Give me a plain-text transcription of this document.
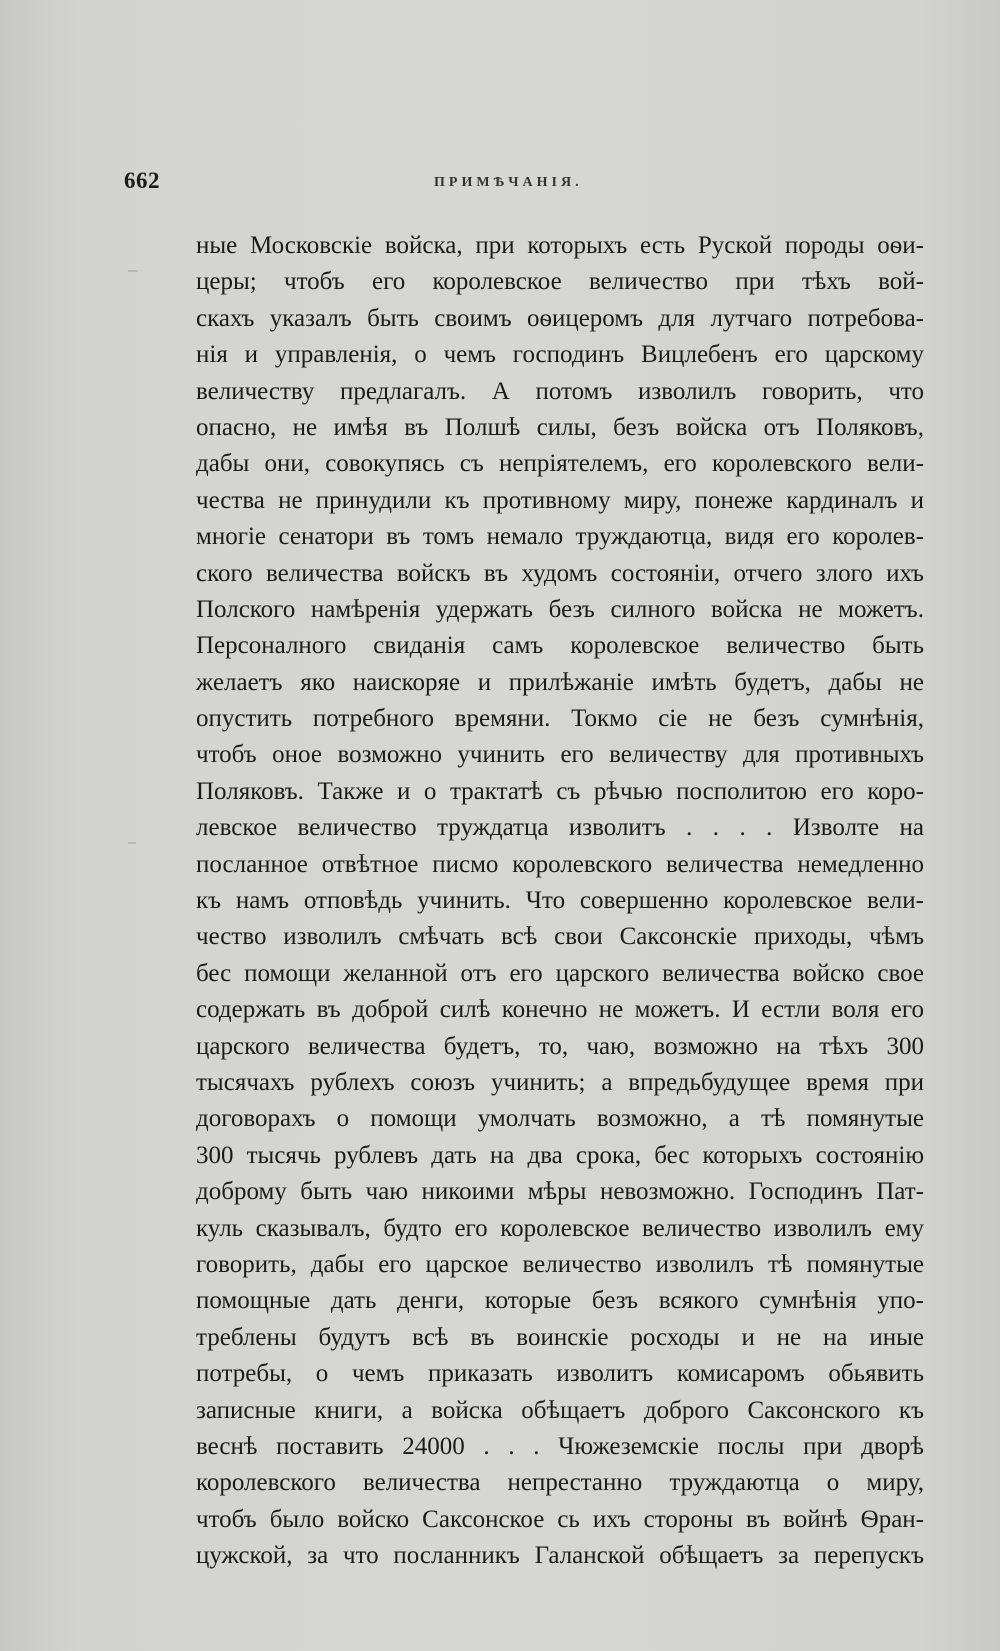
662	ПРИМѢЧАНІЯ.
ные Московскіе войска, при которыхъ есть Руской породы оѳи-
церы; чтобъ его королевское величество при тѣхъ вой-
скахъ указалъ быть своимъ оѳицеромъ для лутчаго потребова-
нія и управленія, о чемъ господинъ Вицлебенъ его царскому
величеству предлагалъ. А потомъ изволилъ говорить, что
опасно, не имѣя въ Полшѣ силы, безъ войска отъ Поляковъ,
дабы они, совокупясь съ непріятелемъ, его королевского вели-
чества не принудили къ противному миру, понеже кардиналъ и
многіе сенатори въ томъ немало труждаютца, видя его королев-
ского величества войскъ въ худомъ состояніи, отчего злого ихъ
Полского намѣренія удержать безъ силного войска не можетъ.
Персоналного свиданія самъ королевское величество быть
желаетъ яко наискоряе и прилѣжаніе имѣть будетъ, дабы не
опустить потребного времяни. Токмо сіе не безъ сумнѣнія,
чтобъ оное возможно учинить его величеству для противныхъ
Поляковъ. Также и о трактатѣ съ рѣчью посполитою его коро-
левское величество труждатца изволитъ . . . . Изволте на
посланное отвѣтное писмо королевского величества немедленно
къ намъ отповѣдь учинить. Что совершенно королевское вели-
чество изволилъ смѣчать всѣ свои Саксонскіе приходы, чѣмъ
бес помощи желанной отъ его царского величества войско свое
содержать въ доброй силѣ конечно не можетъ. И естли воля его
царского величества будетъ, то, чаю, возможно на тѣхъ 300
тысячахъ рублехъ союзъ учинить; а впредьбудущее время при
договорахъ о помощи умолчать возможно, а тѣ помянутые
300 тысячь рублевъ дать на два срока, бес которыхъ состоянію
доброму быть чаю никоими мѣры невозможно. Господинъ Пат-
куль сказывалъ, будто его королевское величество изволилъ ему
говорить, дабы его царское величество изволилъ тѣ помянутые
помощные дать денги, которые безъ всякого сумнѣнія упо-
треблены будутъ всѣ въ воинскіе росходы и не на иные
потребы, о чемъ приказать изволитъ комисаромъ обьявить
записные книги, а войска обѣщаетъ доброго Саксонского къ
веснѣ поставить 24000 . . . Чюжеземскіе послы при дворѣ
королевского величества непрестанно труждаютца о миру,
чтобъ было войско Саксонское сь ихъ стороны въ войнѣ Ѳран-
цужской, за что посланникъ Галанской обѣщаетъ за перепускъ
